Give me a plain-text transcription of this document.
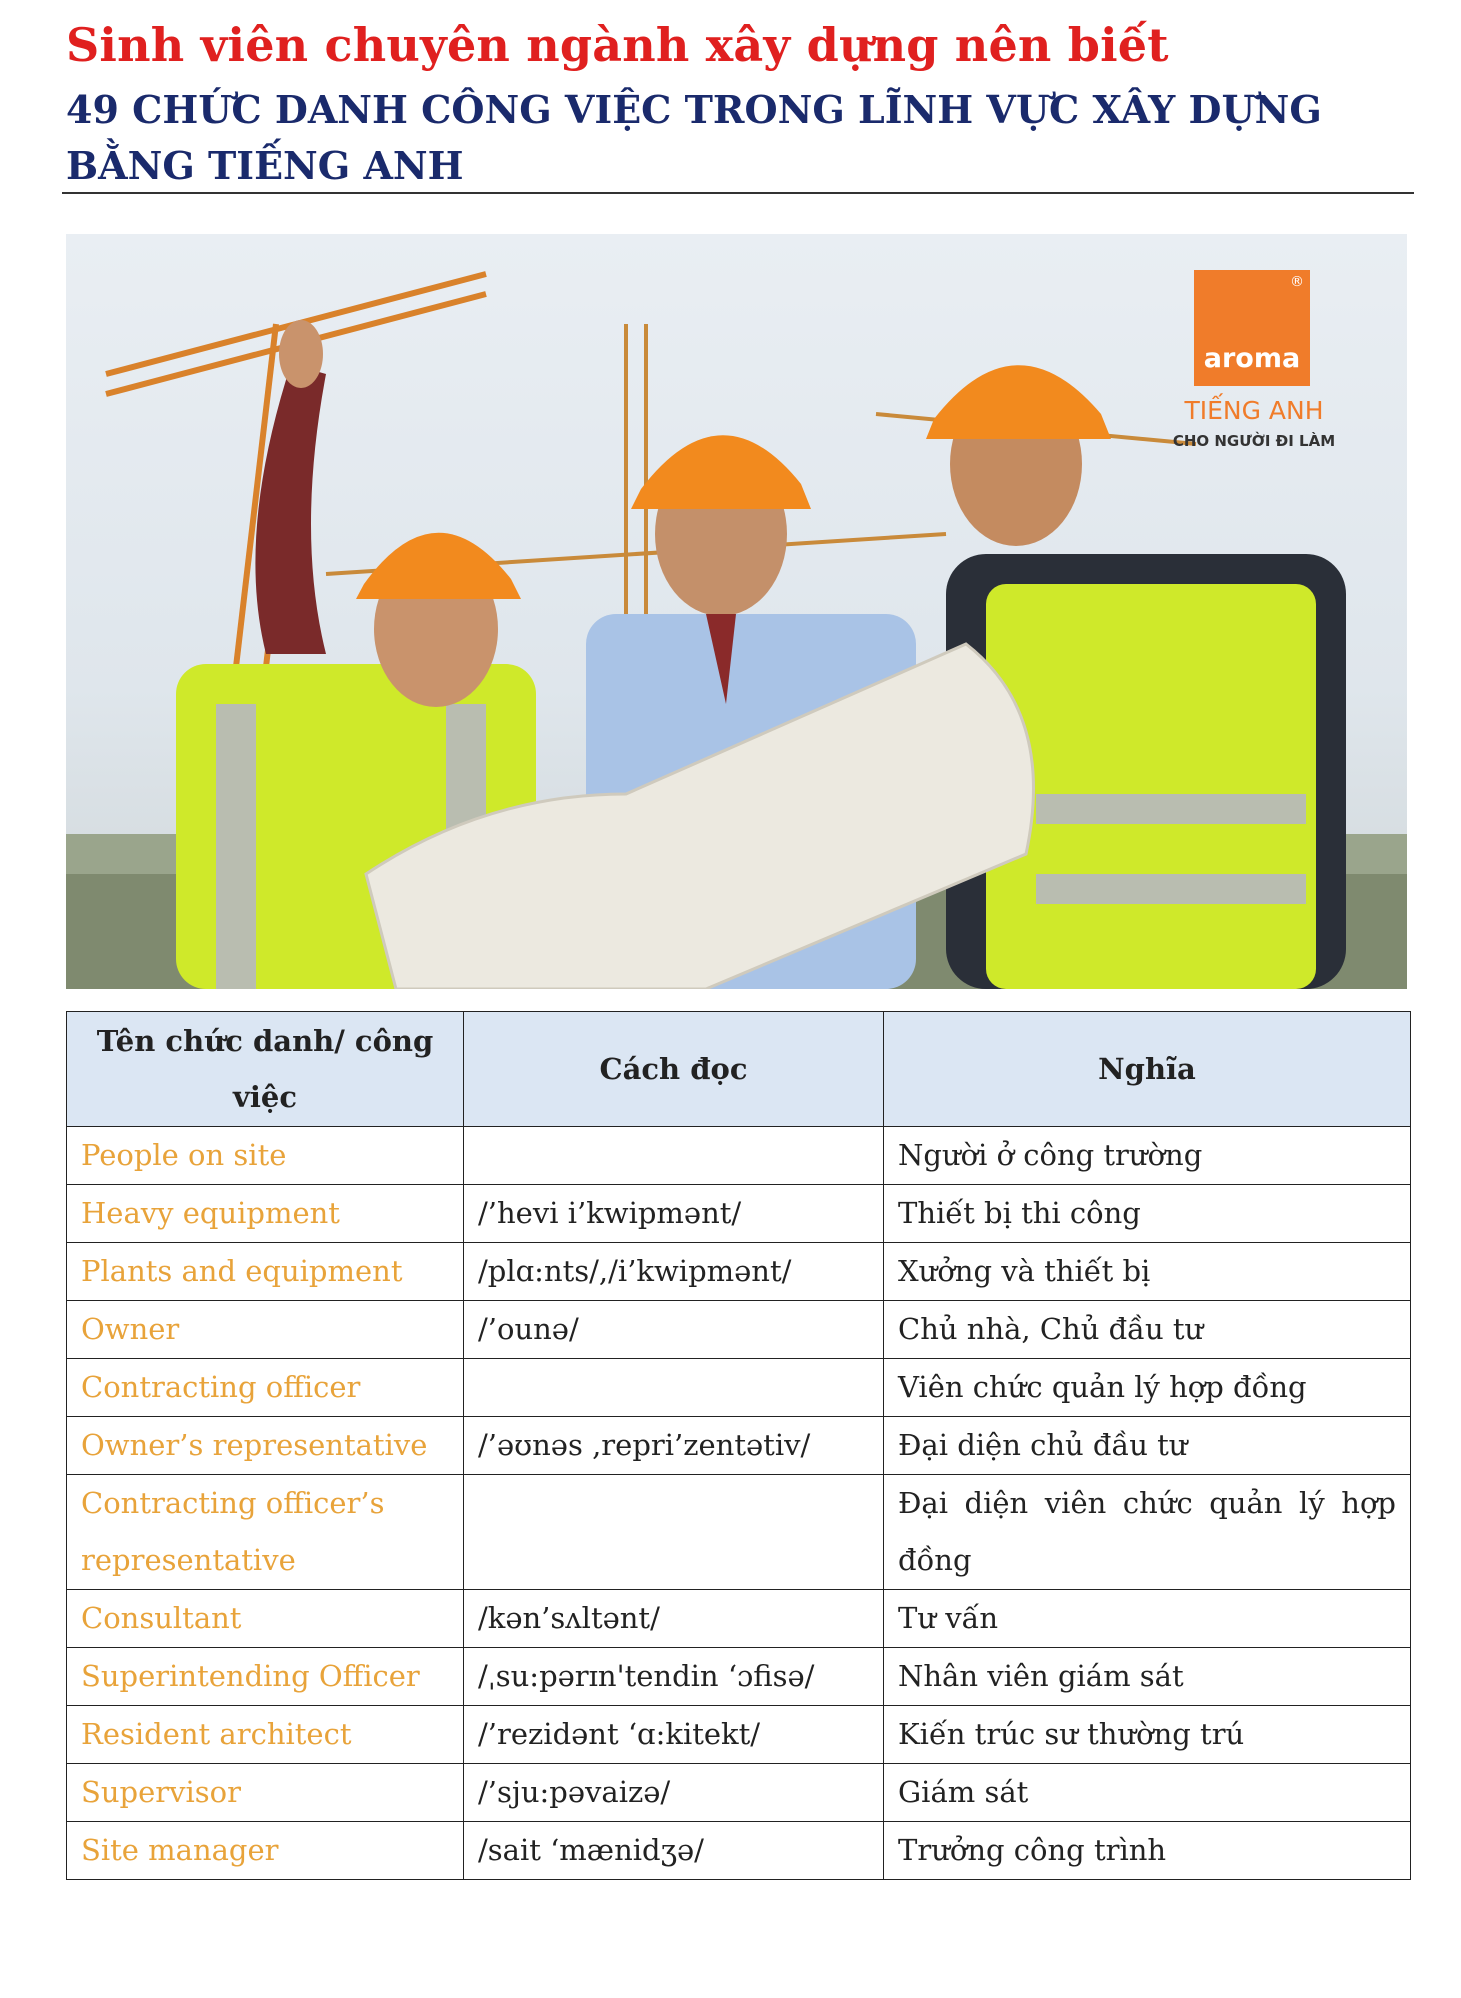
Sinh viên chuyên ngành xây dựng nên biết
49 CHỨC DANH CÔNG VIỆC TRONG LĨNH VỰC XÂY DỰNG BẰNG TIẾNG ANH
®
aroma
TIẾNG ANH
CHO NGƯỜI ĐI LÀM
Tên chức danh/ công việc	Cách đọc	Nghĩa
People on site		Người ở công trường
Heavy equipment	/’hevi i’kwipmənt/	Thiết bị thi công
Plants and equipment	/plɑ:nts/,/i’kwipmənt/	Xưởng và thiết bị
Owner	/’ounə/	Chủ nhà, Chủ đầu tư
Contracting officer		Viên chức quản lý hợp đồng
Owner’s representative	/’əʊnəs ,repri’zentətiv/	Đại diện chủ đầu tư
Contracting officer’s representative		Đại diện viên chức quản lý hợp đồng
Consultant	/kən’sʌltənt/	Tư vấn
Superintending Officer	/ˌsu:pərɪn'tendin ‘ɔfisə/	Nhân viên giám sát
Resident architect	/’rezidənt ‘ɑ:kitekt/	Kiến trúc sư thường trú
Supervisor	/’sju:pəvaizə/	Giám sát
Site manager	/sait ‘mænidʒə/	Trưởng công trình
